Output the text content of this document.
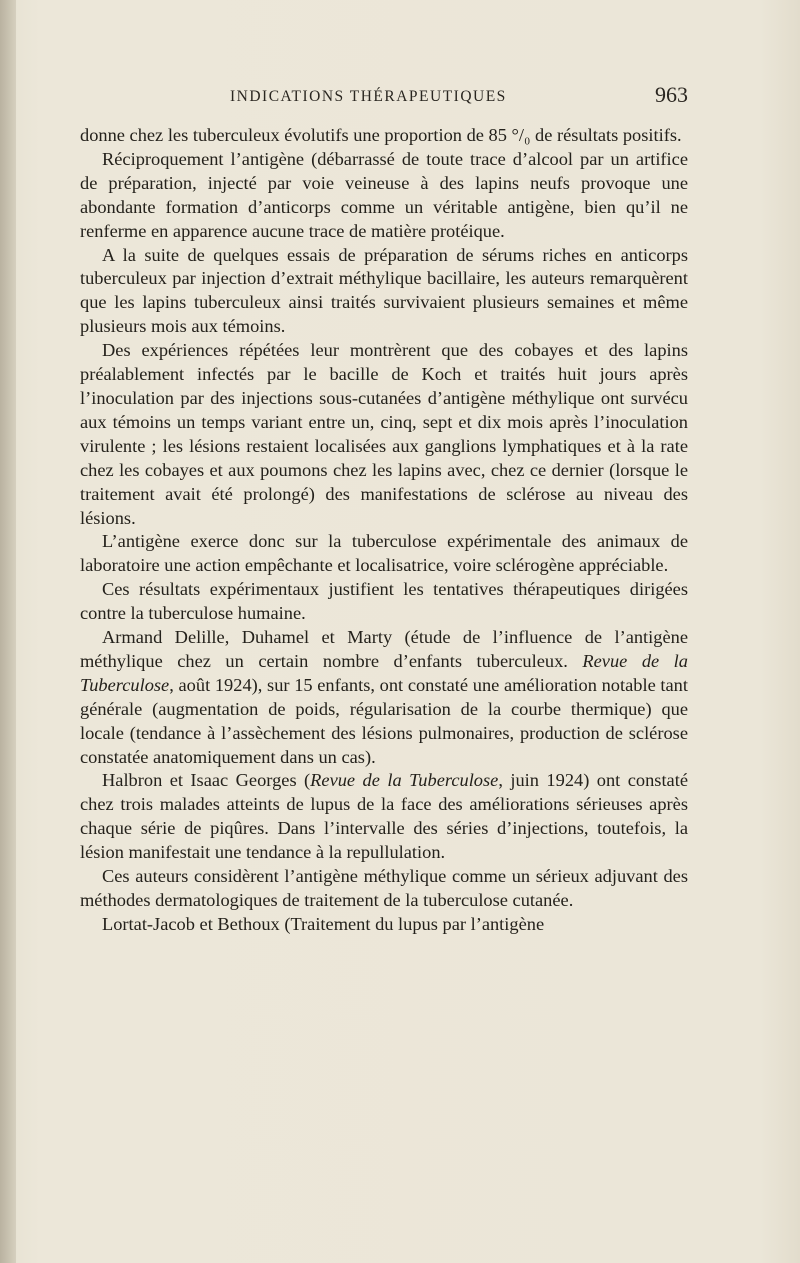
INDICATIONS THÉRAPEUTIQUES	963

donne chez les tuberculeux évolutifs une proportion de 85 °/₀ de résultats positifs.

Réciproquement l’antigène (débarrassé de toute trace d’alcool par un artifice de préparation, injecté par voie veineuse à des lapins neufs provoque une abondante formation d’anticorps comme un véritable antigène, bien qu’il ne renferme en apparence aucune trace de matière protéique.

A la suite de quelques essais de préparation de sérums riches en anticorps tuberculeux par injection d’extrait méthylique bacillaire, les auteurs remarquèrent que les lapins tuberculeux ainsi traités survivaient plusieurs semaines et même plusieurs mois aux témoins.

Des expériences répétées leur montrèrent que des cobayes et des lapins préalablement infectés par le bacille de Koch et traités huit jours après l’inoculation par des injections sous-cutanées d’antigène méthylique ont survécu aux témoins un temps variant entre un, cinq, sept et dix mois après l’inoculation virulente ; les lésions restaient localisées aux ganglions lymphatiques et à la rate chez les cobayes et aux poumons chez les lapins avec, chez ce dernier (lorsque le traitement avait été prolongé) des manifestations de sclérose au niveau des lésions.

L’antigène exerce donc sur la tuberculose expérimentale des animaux de laboratoire une action empêchante et localisatrice, voire sclérogène appréciable.

Ces résultats expérimentaux justifient les tentatives thérapeutiques dirigées contre la tuberculose humaine.

Armand Delille, Duhamel et Marty (étude de l’influence de l’antigène méthylique chez un certain nombre d’enfants tuberculeux. Revue de la Tuberculose, août 1924), sur 15 enfants, ont constaté une amélioration notable tant générale (augmentation de poids, régularisation de la courbe thermique) que locale (tendance à l’assèchement des lésions pulmonaires, production de sclérose constatée anatomiquement dans un cas).

Halbron et Isaac Georges (Revue de la Tuberculose, juin 1924) ont constaté chez trois malades atteints de lupus de la face des améliorations sérieuses après chaque série de piqûres. Dans l’intervalle des séries d’injections, toutefois, la lésion manifestait une tendance à la repullulation.

Ces auteurs considèrent l’antigène méthylique comme un sérieux adjuvant des méthodes dermatologiques de traitement de la tuberculose cutanée.

Lortat-Jacob et Bethoux (Traitement du lupus par l’antigène
